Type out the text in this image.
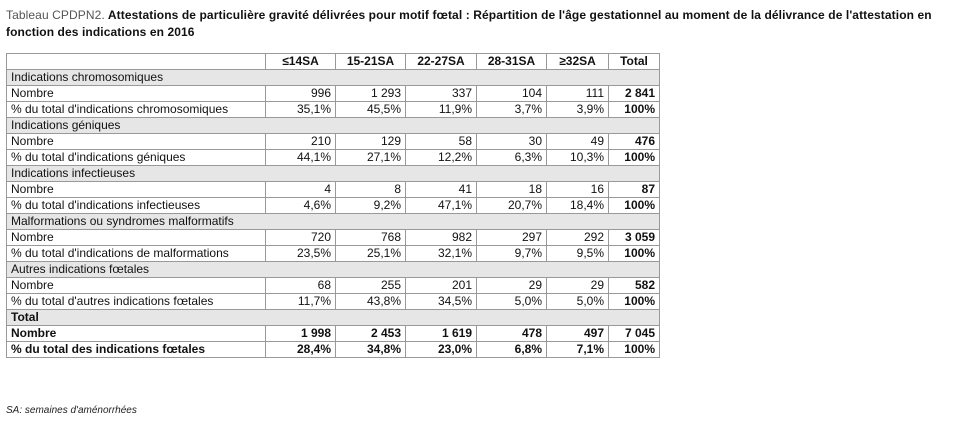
Tableau CPDPN2. Attestations de particulière gravité délivrées pour motif fœtal : Répartition de l'âge gestationnel au moment de la délivrance de l'attestation en fonction des indications en 2016
	≤14SA	15-21SA	22-27SA	28-31SA	≥32SA	Total
Indications chromosomiques						
Nombre	996	1 293	337	104	111	2 841
% du total d'indications chromosomiques	35,1%	45,5%	11,9%	3,7%	3,9%	100%
Indications géniques						
Nombre	210	129	58	30	49	476
% du total d'indications géniques	44,1%	27,1%	12,2%	6,3%	10,3%	100%
Indications infectieuses						
Nombre	4	8	41	18	16	87
% du total d'indications infectieuses	4,6%	9,2%	47,1%	20,7%	18,4%	100%
Malformations ou syndromes malformatifs						
Nombre	720	768	982	297	292	3 059
% du total d'indications de malformations	23,5%	25,1%	32,1%	9,7%	9,5%	100%
Autres indications fœtales						
Nombre	68	255	201	29	29	582
% du total d'autres indications fœtales	11,7%	43,8%	34,5%	5,0%	5,0%	100%
Total						
Nombre	1 998	2 453	1 619	478	497	7 045
% du total des indications fœtales	28,4%	34,8%	23,0%	6,8%	7,1%	100%
SA: semaines d'aménorrhées
